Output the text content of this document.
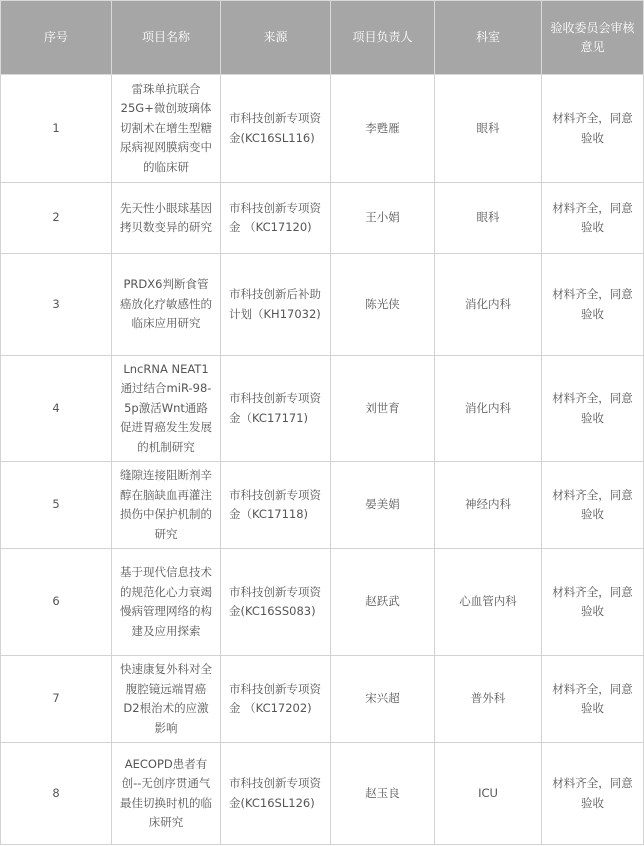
序号	项目名称	来源	项目负责人	科室	验收委员会审核意见
1	雷珠单抗联合25G+微创玻璃体切割术在增生型糖尿病视网膜病变中的临床研	市科技创新专项资金(KC16SL116)	李甦雁	眼科	材料齐全，同意验收
2	先天性小眼球基因拷贝数变异的研究	市科技创新专项资金 （KC17120)	王小娟	眼科	材料齐全，同意验收
3	PRDX6判断食管癌放化疗敏感性的临床应用研究	市科技创新后补助计划（KH17032)	陈光侠	消化内科	材料齐全，同意验收
4	LncRNA NEAT1通过结合miR-98-5p激活Wnt通路促进胃癌发生发展的机制研究	市科技创新专项资金（KC17171)	刘世育	消化内科	材料齐全，同意验收
5	缝隙连接阻断剂辛醇在脑缺血再灌注损伤中保护机制的研究	市科技创新专项资金（KC17118)	晏美娟	神经内科	材料齐全，同意验收
6	基于现代信息技术的规范化心力衰竭慢病管理网络的构建及应用探索	市科技创新专项资金(KC16SS083)	赵跃武	心血管内科	材料齐全，同意验收
7	快速康复外科对全腹腔镜远端胃癌D2根治术的应激影响	市科技创新专项资金 （KC17202)	宋兴超	普外科	材料齐全，同意验收
8	AECOPD患者有创--无创序贯通气最佳切换时机的临床研究	市科技创新专项资金(KC16SL126)	赵玉良	ICU	材料齐全，同意验收
